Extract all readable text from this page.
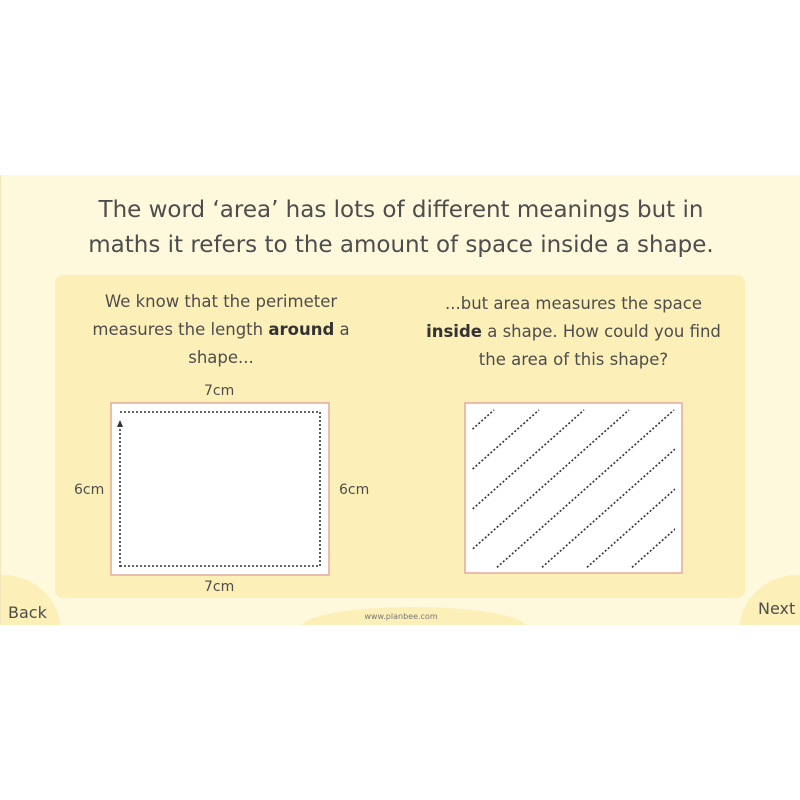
The word ‘area’ has lots of different meanings but in
maths it refers to the amount of space inside a shape.
We know that the perimeter measures the length around a shape...
...but area measures the space inside a shape. How could you find the area of this shape?
7cm
7cm
6cm	6cm
Back	Next
www.planbee.com
